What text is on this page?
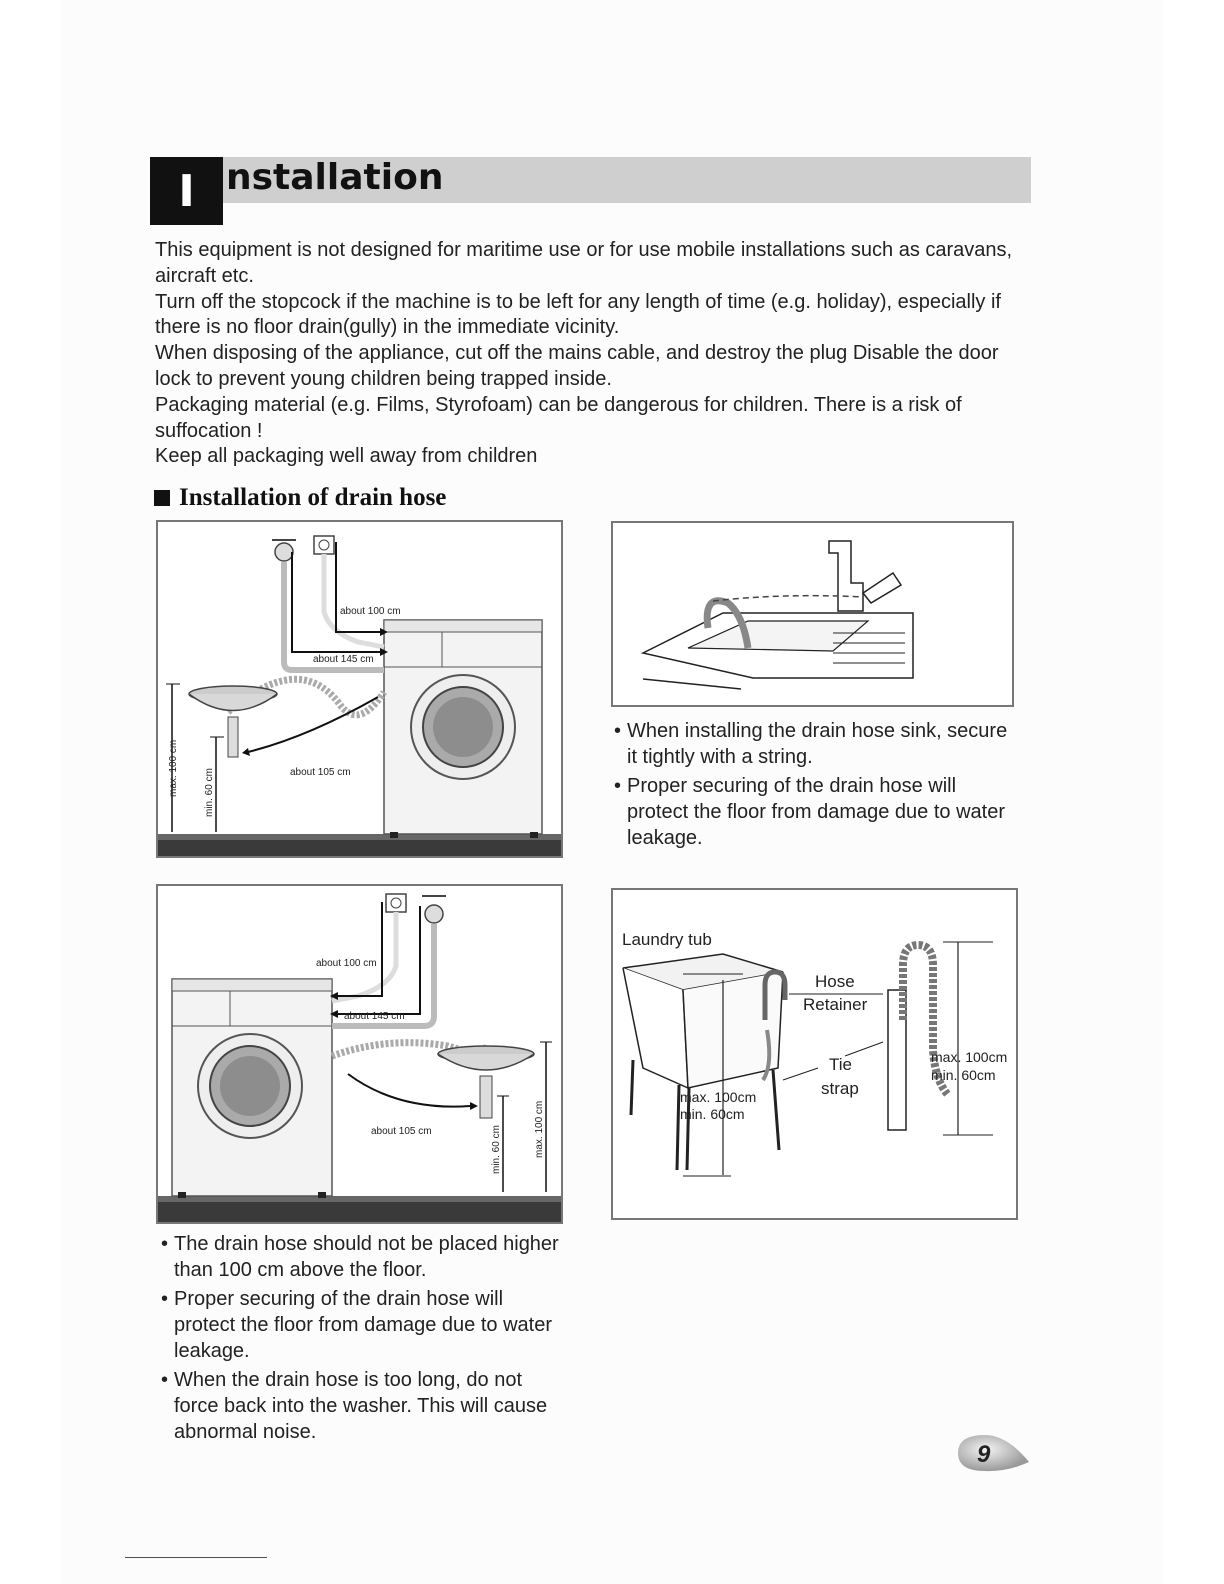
I nstallation

This equipment is not designed for maritime use or for use mobile installations such as caravans, aircraft etc.

Turn off the stopcock if the machine is to be left for any length of time (e.g. holiday), especially if there is no floor drain(gully) in the immediate vicinity.

When disposing of the appliance, cut off the mains cable, and destroy the plug Disable the door lock to prevent young children being trapped inside.

Packaging material (e.g. Films, Styrofoam) can be dangerous for children. There is a risk of suffocation !

Keep all packaging well away from children

Installation of drain hose
about 100 cm
about 145 cm
about 105 cm
max. 100 cm	min. 60 cm
• When installing the drain hose sink, secure it tightly with a string.
• Proper securing of the drain hose will protect the floor from damage due to water leakage.
about 100 cm
about 145 cm
about 105 cm	min. 60 cm	max. 100 cm
Laundry tub
max. 100cm
min. 60cm
Hose
Retainer
Tie
strap
max. 100cm
min. 60cm
• The drain hose should not be placed higher than 100 cm above the floor.
• Proper securing of the drain hose will protect the floor from damage due to water leakage.
• When the drain hose is too long, do not force back into the washer. This will cause abnormal noise.
9
